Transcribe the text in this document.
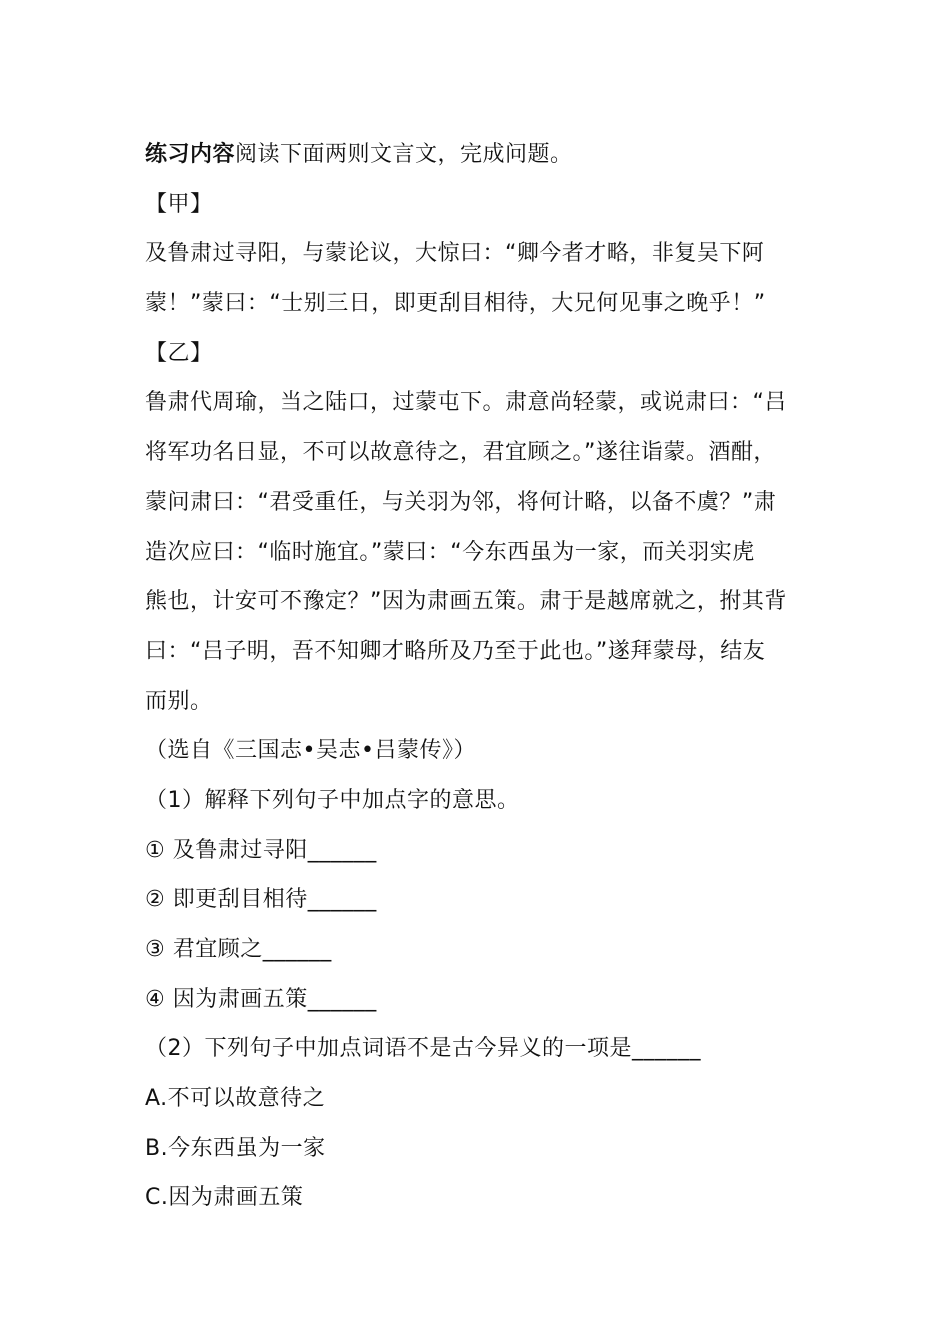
练习内容阅读下面两则文言文，完成问题。
【甲】
及鲁肃过寻阳，与蒙论议，大惊曰：“卿今者才略，非复吴下阿
蒙！”蒙曰：“士别三日，即更刮目相待，大兄何见事之晚乎！”
【乙】
鲁肃代周瑜，当之陆口，过蒙屯下。肃意尚轻蒙，或说肃曰：“吕
将军功名日显，不可以故意待之，君宜顾之。”遂往诣蒙。酒酣，
蒙问肃曰：“君受重任，与关羽为邻，将何计略，以备不虞？”肃
造次应曰：“临时施宜。”蒙曰：“今东西虽为一家，而关羽实虎
熊也，计安可不豫定？”因为肃画五策。肃于是越席就之，拊其背
曰：“吕子明，吾不知卿才略所及乃至于此也。”遂拜蒙母，结友
而别。
（选自《三国志•吴志•吕蒙传》）
（1）解释下列句子中加点字的意思。
① 及鲁肃过寻阳______
② 即更刮目相待______
③ 君宜顾之______
④ 因为肃画五策______
（2）下列句子中加点词语不是古今异义的一项是______
A.不可以故意待之
B.今东西虽为一家
C.因为肃画五策
